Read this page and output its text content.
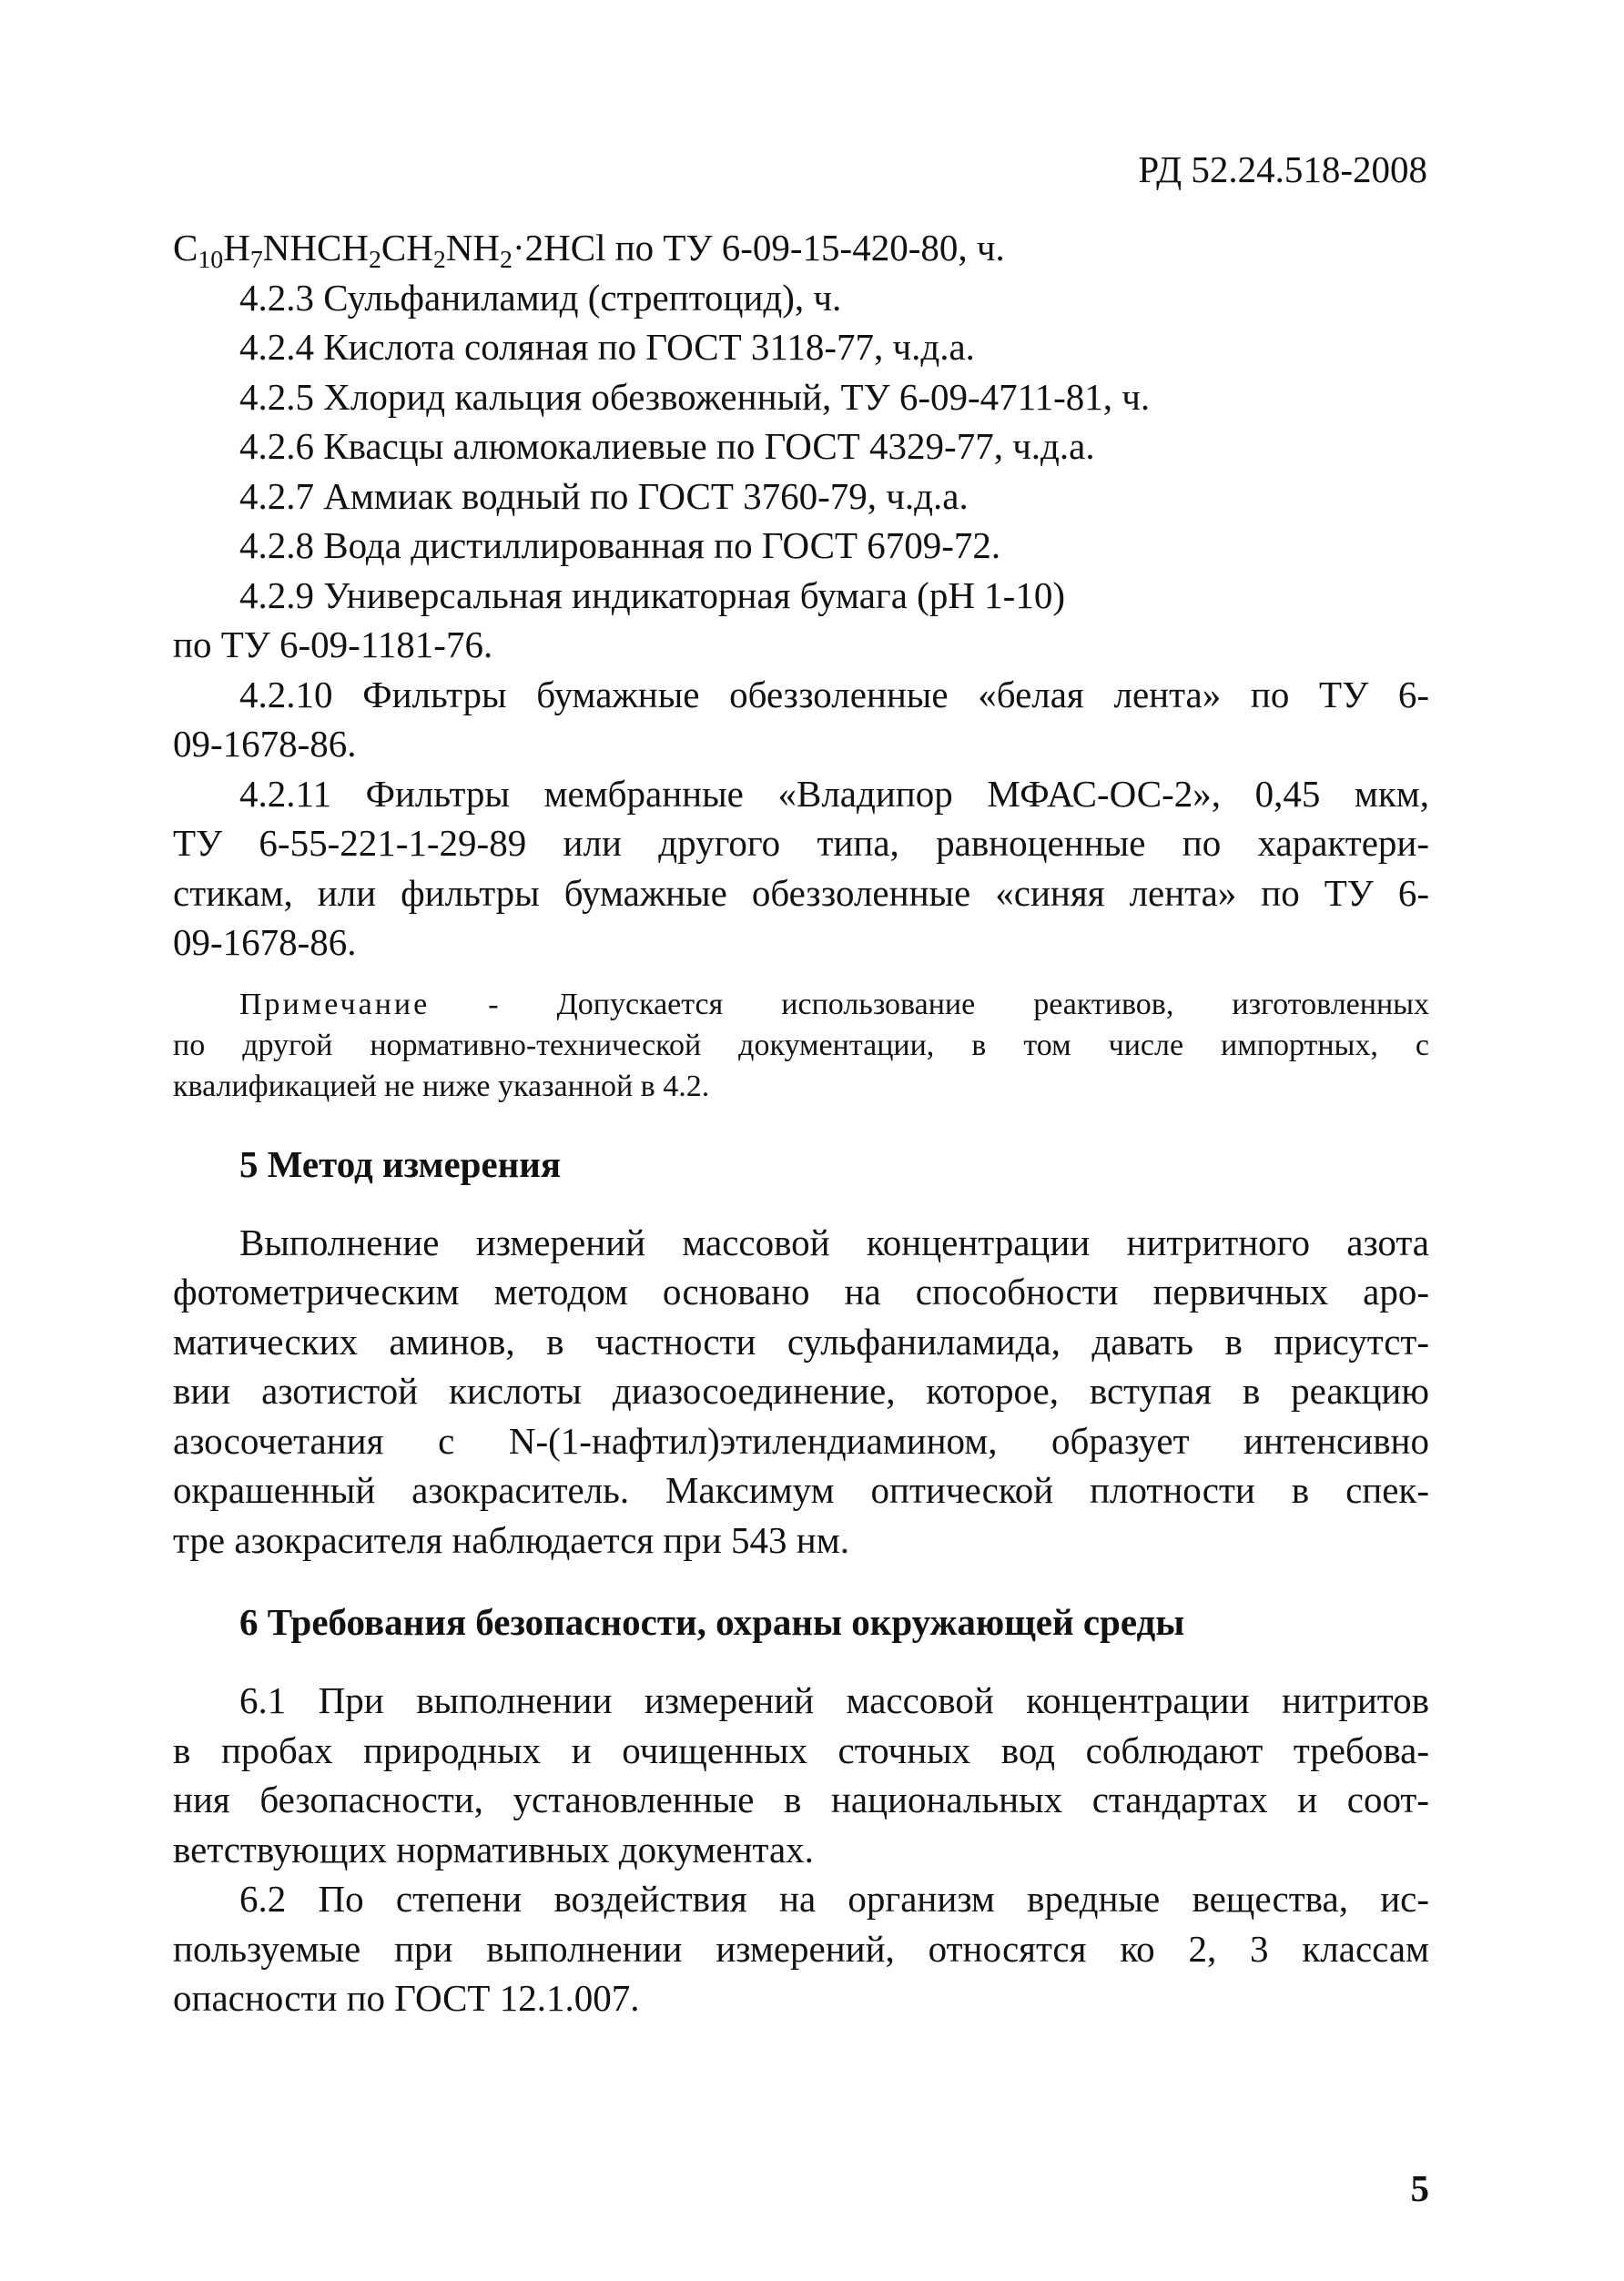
РД 52.24.518-2008
$C_{10}H_7NHCH_2CH_2NH_2\cdot 2HCl$ по ТУ 6-09-15-420-80, ч.
4.2.3 Сульфаниламид (стрептоцид), ч.
4.2.4 Кислота соляная по ГОСТ 3118-77, ч.д.а.
4.2.5 Хлорид кальция обезвоженный, ТУ 6-09-4711-81, ч.
4.2.6 Квасцы алюмокалиевые по ГОСТ 4329-77, ч.д.а.
4.2.7 Аммиак водный по ГОСТ 3760-79, ч.д.а.
4.2.8 Вода дистиллированная по ГОСТ 6709-72.
4.2.9 Универсальная индикаторная бумага (pH 1-10)
по ТУ 6-09-1181-76.
4.2.10 Фильтры бумажные обеззоленные «белая лента» по ТУ 6-
09-1678-86.
4.2.11 Фильтры мембранные «Владипор МФАС-ОС-2», 0,45 мкм,
ТУ 6-55-221-1-29-89 или другого типа, равноценные по характери-
стикам, или фильтры бумажные обеззоленные «синяя лента» по ТУ 6-
09-1678-86.
Примечание - Допускается использование реактивов, изготовленных
по другой нормативно-технической документации, в том числе импортных, с
квалификацией не ниже указанной в 4.2.
5 Метод измерения
Выполнение измерений массовой концентрации нитритного азота
фотометрическим методом основано на способности первичных аро-
матических аминов, в частности сульфаниламида, давать в присутст-
вии азотистой кислоты диазосоединение, которое, вступая в реакцию
азосочетания с N-(1-нафтил)этилендиамином, образует интенсивно
окрашенный азокраситель. Максимум оптической плотности в спек-
тре азокрасителя наблюдается при 543 нм.
6 Требования безопасности, охраны окружающей среды
6.1 При выполнении измерений массовой концентрации нитритов
в пробах природных и очищенных сточных вод соблюдают требова-
ния безопасности, установленные в национальных стандартах и соот-
ветствующих нормативных документах.
6.2 По степени воздействия на организм вредные вещества, ис-
пользуемые при выполнении измерений, относятся ко 2, 3 классам
опасности по ГОСТ 12.1.007.
5
